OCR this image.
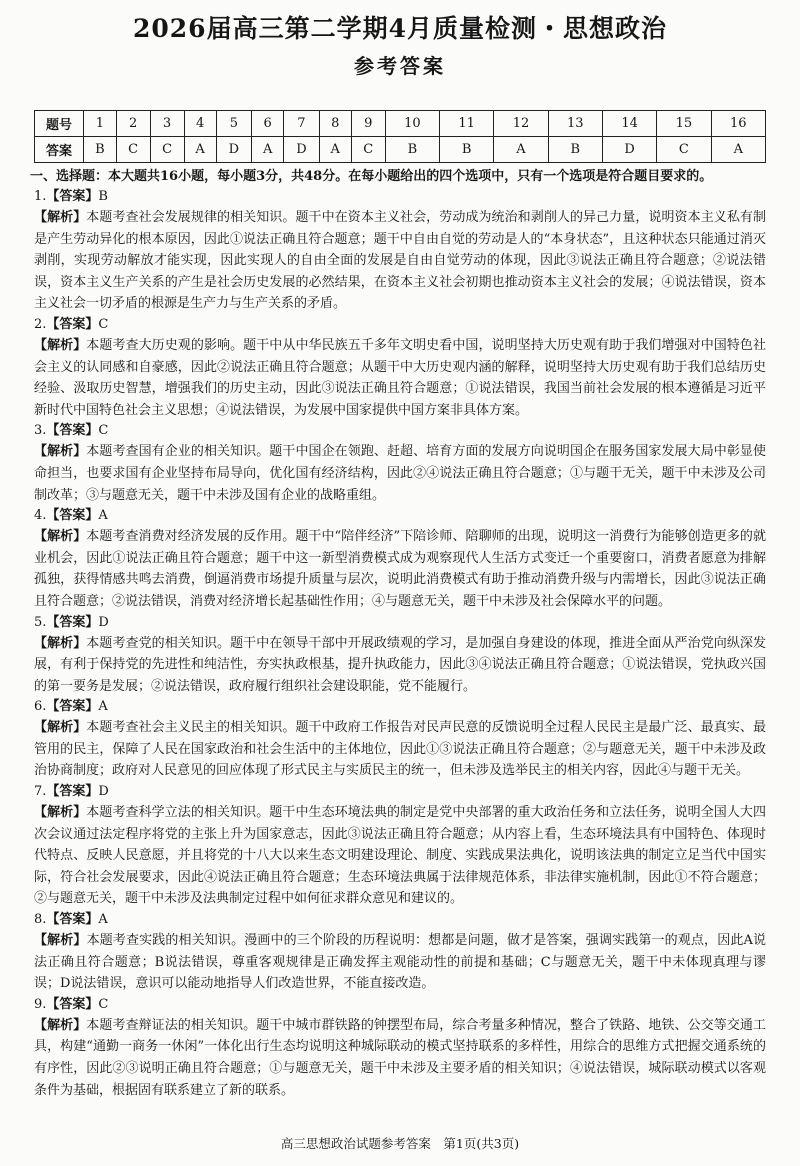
2026届高三第二学期4月质量检测・思想政治
参考答案
题号	1	2	3	4	5	6	7	8	9	10	11	12	13	14	15	16
答案	B	C	C	A	D	A	D	A	C	B	B	A	B	D	C	A
一、选择题：本大题共16小题，每小题3分，共48分。在每小题给出的四个选项中，只有一个选项是符合题目要求的。
1.【答案】B
【解析】本题考查社会发展规律的相关知识。题干中在资本主义社会，劳动成为统治和剥削人的异己力量，说明资本主义私有制是产生劳动异化的根本原因，因此①说法正确且符合题意；题干中自由自觉的劳动是人的“本身状态”，且这种状态只能通过消灭剥削，实现劳动解放才能实现，因此实现人的自由全面的发展是自由自觉劳动的体现，因此③说法正确且符合题意；②说法错误，资本主义生产关系的产生是社会历史发展的必然结果，在资本主义社会初期也推动资本主义社会的发展；④说法错误，资本主义社会一切矛盾的根源是生产力与生产关系的矛盾。
2.【答案】C
【解析】本题考查大历史观的影响。题干中从中华民族五千多年文明史看中国，说明坚持大历史观有助于我们增强对中国特色社会主义的认同感和自豪感，因此②说法正确且符合题意；从题干中大历史观内涵的解释，说明坚持大历史观有助于我们总结历史经验、汲取历史智慧，增强我们的历史主动，因此③说法正确且符合题意；①说法错误，我国当前社会发展的根本遵循是习近平新时代中国特色社会主义思想；④说法错误，为发展中国家提供中国方案非具体方案。
3.【答案】C
【解析】本题考查国有企业的相关知识。题干中国企在领跑、赶超、培育方面的发展方向说明国企在服务国家发展大局中彰显使命担当，也要求国有企业坚持布局导向，优化国有经济结构，因此②④说法正确且符合题意；①与题干无关，题干中未涉及公司制改革；③与题意无关，题干中未涉及国有企业的战略重组。
4.【答案】A
【解析】本题考查消费对经济发展的反作用。题干中“陪伴经济”下陪诊师、陪聊师的出现，说明这一消费行为能够创造更多的就业机会，因此①说法正确且符合题意；题干中这一新型消费模式成为观察现代人生活方式变迁一个重要窗口，消费者愿意为排解孤独，获得情感共鸣去消费，倒逼消费市场提升质量与层次，说明此消费模式有助于推动消费升级与内需增长，因此③说法正确且符合题意；②说法错误，消费对经济增长起基础性作用；④与题意无关，题干中未涉及社会保障水平的问题。
5.【答案】D
【解析】本题考查党的相关知识。题干中在领导干部中开展政绩观的学习，是加强自身建设的体现，推进全面从严治党向纵深发展，有利于保持党的先进性和纯洁性，夯实执政根基，提升执政能力，因此③④说法正确且符合题意；①说法错误，党执政兴国的第一要务是发展；②说法错误，政府履行组织社会建设职能，党不能履行。
6.【答案】A
【解析】本题考查社会主义民主的相关知识。题干中政府工作报告对民声民意的反馈说明全过程人民民主是最广泛、最真实、最管用的民主，保障了人民在国家政治和社会生活中的主体地位，因此①③说法正确且符合题意；②与题意无关，题干中未涉及政治协商制度；政府对人民意见的回应体现了形式民主与实质民主的统一，但未涉及选举民主的相关内容，因此④与题干无关。
7.【答案】D
【解析】本题考查科学立法的相关知识。题干中生态环境法典的制定是党中央部署的重大政治任务和立法任务，说明全国人大四次会议通过法定程序将党的主张上升为国家意志，因此③说法正确且符合题意；从内容上看，生态环境法具有中国特色、体现时代特点、反映人民意愿，并且将党的十八大以来生态文明建设理论、制度、实践成果法典化，说明该法典的制定立足当代中国实际，符合社会发展要求，因此④说法正确且符合题意；生态环境法典属于法律规范体系，非法律实施机制，因此①不符合题意；②与题意无关，题干中未涉及法典制定过程中如何征求群众意见和建议的。
8.【答案】A
【解析】本题考查实践的相关知识。漫画中的三个阶段的历程说明：想都是问题，做才是答案，强调实践第一的观点，因此A说法正确且符合题意；B说法错误，尊重客观规律是正确发挥主观能动性的前提和基础；C与题意无关，题干中未体现真理与谬误；D说法错误，意识可以能动地指导人们改造世界，不能直接改造。
9.【答案】C
【解析】本题考查辩证法的相关知识。题干中城市群铁路的钟摆型布局，综合考量多种情况，整合了铁路、地铁、公交等交通工具，构建“通勤一商务一休闲”一体化出行生态均说明这种城际联动的模式坚持联系的多样性，用综合的思维方式把握交通系统的有序性，因此②③说明正确且符合题意；①与题意无关，题干中未涉及主要矛盾的相关知识；④说法错误，城际联动模式以客观条件为基础，根据固有联系建立了新的联系。
高三思想政治试题参考答案　第1页(共3页)
